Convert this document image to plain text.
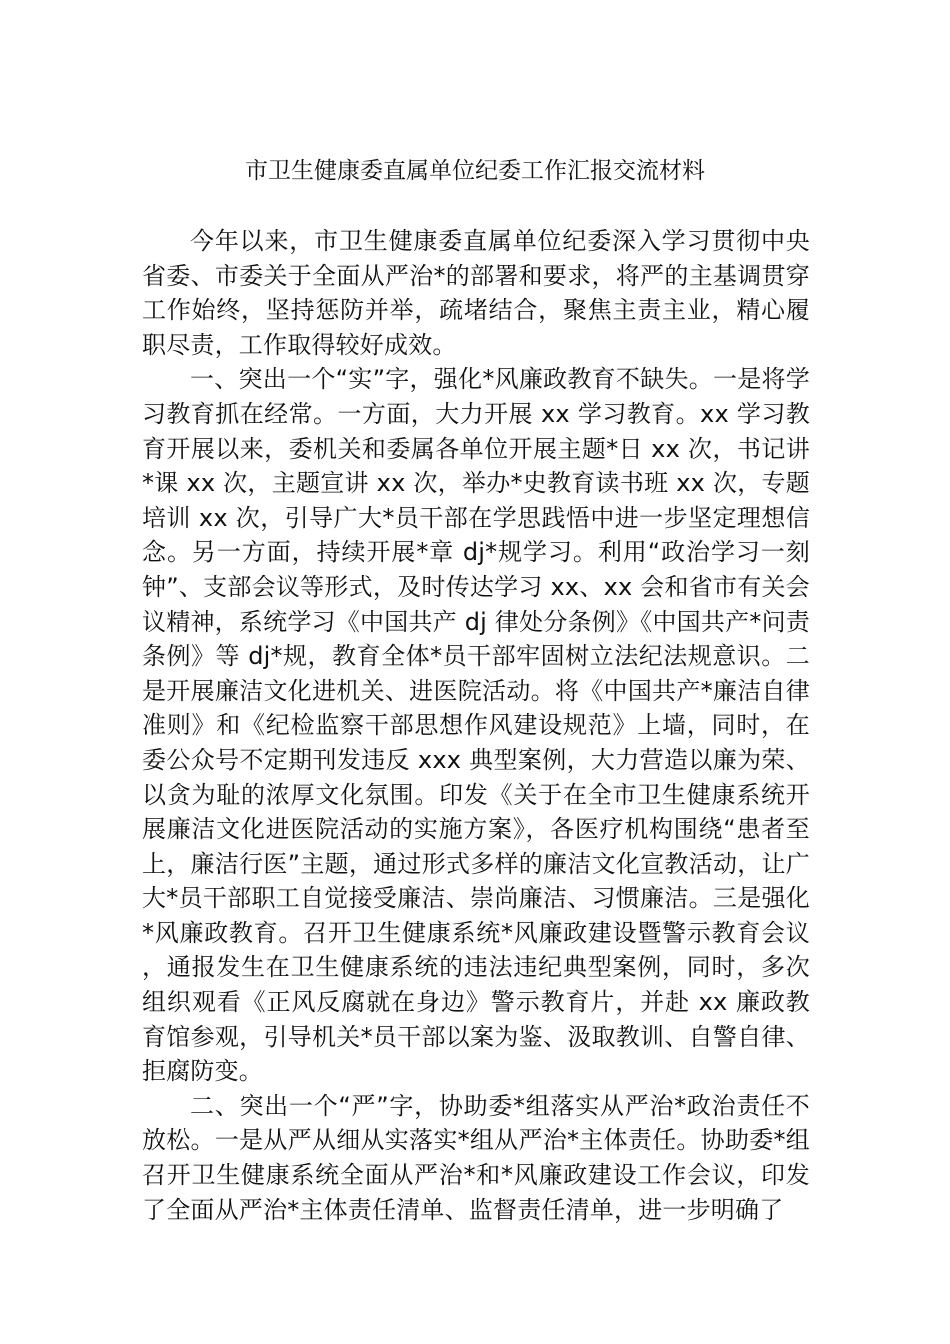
市卫生健康委直属单位纪委工作汇报交流材料

今年以来，市卫生健康委直属单位纪委深入学习贯彻中央省委、市委关于全面从严治*的部署和要求，将严的主基调贯穿工作始终，坚持惩防并举，疏堵结合，聚焦主责主业，精心履职尽责，工作取得较好成效。

一、突出一个“实”字，强化*风廉政教育不缺失。一是将学习教育抓在经常。一方面，大力开展 xx 学习教育。xx 学习教育开展以来，委机关和委属各单位开展主题*日 xx 次，书记讲*课 xx 次，主题宣讲 xx 次，举办*史教育读书班 xx 次，专题培训 xx 次，引导广大*员干部在学思践悟中进一步坚定理想信念。另一方面，持续开展*章 dj*规学习。利用“政治学习一刻钟”、支部会议等形式，及时传达学习 xx、xx 会和省市有关会议精神，系统学习《中国共产 dj 律处分条例》《中国共产*问责条例》等 dj*规，教育全体*员干部牢固树立法纪法规意识。二是开展廉洁文化进机关、进医院活动。将《中国共产*廉洁自律准则》和《纪检监察干部思想作风建设规范》上墙，同时，在委公众号不定期刊发违反 xxx 典型案例，大力营造以廉为荣、以贪为耻的浓厚文化氛围。印发《关于在全市卫生健康系统开展廉洁文化进医院活动的实施方案》，各医疗机构围绕“患者至上，廉洁行医”主题，通过形式多样的廉洁文化宣教活动，让广大*员干部职工自觉接受廉洁、崇尚廉洁、习惯廉洁。三是强化*风廉政教育。召开卫生健康系统*风廉政建设暨警示教育会议，通报发生在卫生健康系统的违法违纪典型案例，同时，多次组织观看《正风反腐就在身边》警示教育片，并赴 xx 廉政教育馆参观，引导机关*员干部以案为鉴、汲取教训、自警自律、拒腐防变。

二、突出一个“严”字，协助委*组落实从严治*政治责任不放松。一是从严从细从实落实*组从严治*主体责任。协助委*组召开卫生健康系统全面从严治*和*风廉政建设工作会议，印发了全面从严治*主体责任清单、监督责任清单，进一步明确了
